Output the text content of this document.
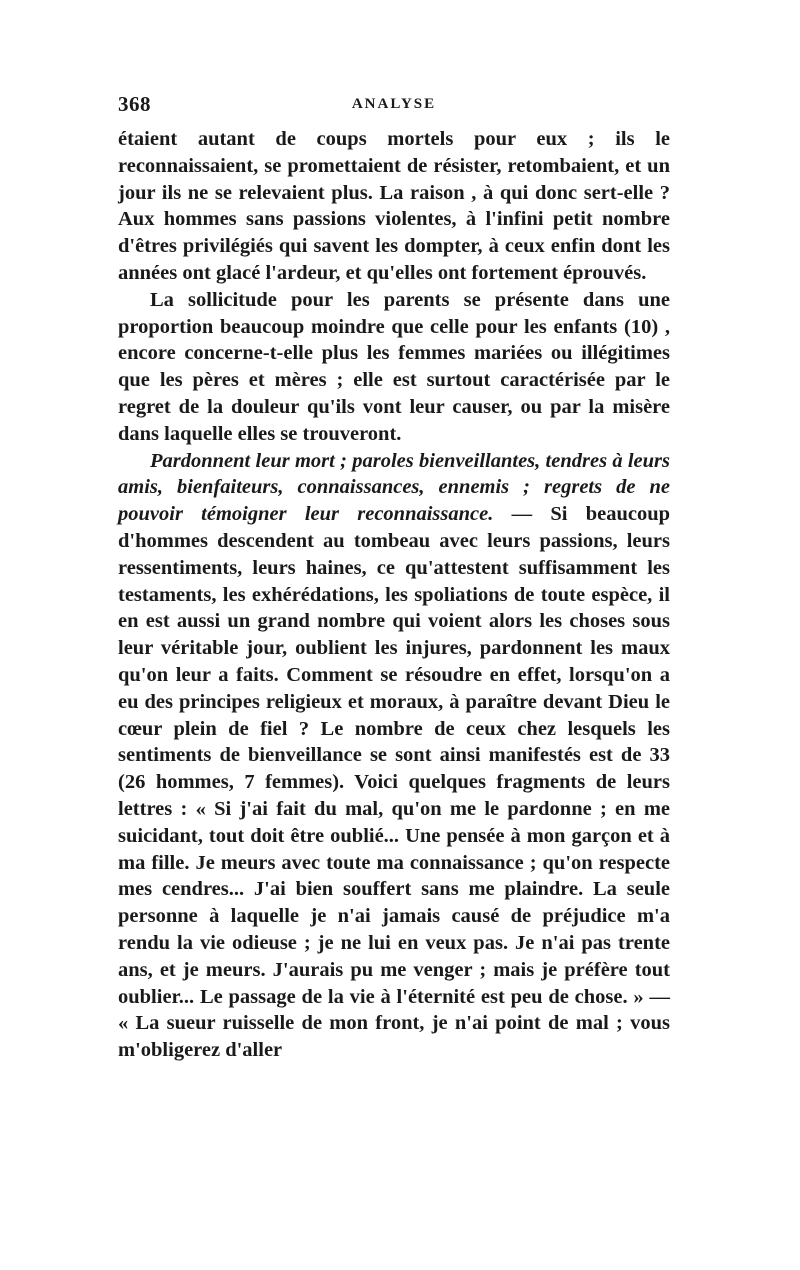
368	ANALYSE

étaient autant de coups mortels pour eux ; ils le reconnaissaient, se promettaient de résister, retombaient, et un jour ils ne se relevaient plus. La raison , à qui donc sert-elle ? Aux hommes sans passions violentes, à l'infini petit nombre d'êtres privilégiés qui savent les dompter, à ceux enfin dont les années ont glacé l'ardeur, et qu'elles ont fortement éprouvés.

La sollicitude pour les parents se présente dans une proportion beaucoup moindre que celle pour les enfants (10) , encore concerne-t-elle plus les femmes mariées ou illégitimes que les pères et mères ; elle est surtout caractérisée par le regret de la douleur qu'ils vont leur causer, ou par la misère dans laquelle elles se trouveront.

Pardonnent leur mort ; paroles bienveillantes, tendres à leurs amis, bienfaiteurs, connaissances, ennemis ; regrets de ne pouvoir témoigner leur reconnaissance. — Si beaucoup d'hommes descendent au tombeau avec leurs passions, leurs ressentiments, leurs haines, ce qu'attestent suffisamment les testaments, les exhérédations, les spoliations de toute espèce, il en est aussi un grand nombre qui voient alors les choses sous leur véritable jour, oublient les injures, pardonnent les maux qu'on leur a faits. Comment se résoudre en effet, lorsqu'on a eu des principes religieux et moraux, à paraître devant Dieu le cœur plein de fiel ? Le nombre de ceux chez lesquels les sentiments de bienveillance se sont ainsi manifestés est de 33 (26 hommes, 7 femmes). Voici quelques fragments de leurs lettres : « Si j'ai fait du mal, qu'on me le pardonne ; en me suicidant, tout doit être oublié... Une pensée à mon garçon et à ma fille. Je meurs avec toute ma connaissance ; qu'on respecte mes cendres... J'ai bien souffert sans me plaindre. La seule personne à laquelle je n'ai jamais causé de préjudice m'a rendu la vie odieuse ; je ne lui en veux pas. Je n'ai pas trente ans, et je meurs. J'aurais pu me venger ; mais je préfère tout oublier... Le passage de la vie à l'éternité est peu de chose. » — « La sueur ruisselle de mon front, je n'ai point de mal ; vous m'obligerez d'aller
